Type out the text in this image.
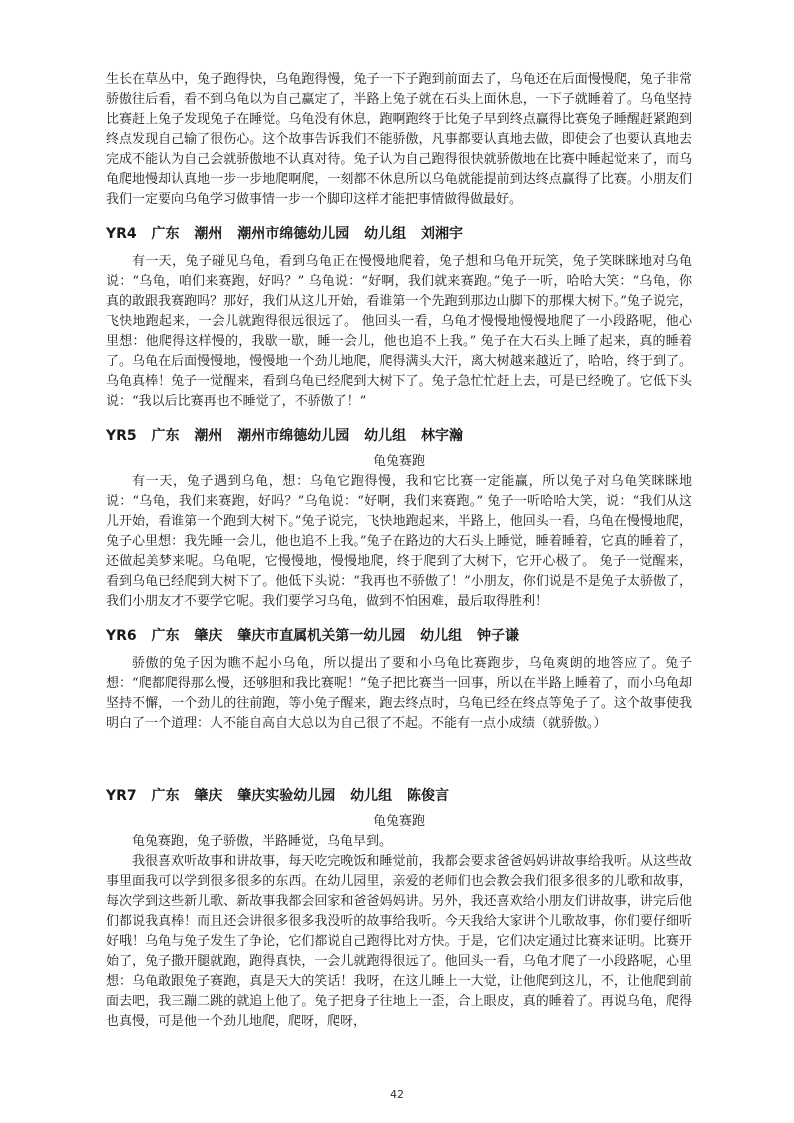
生长在草丛中，兔子跑得快，乌龟跑得慢，兔子一下子跑到前面去了，乌龟还在后面慢慢爬，兔子非常骄傲往后看，看不到乌龟以为自己赢定了，半路上兔子就在石头上面休息，一下子就睡着了。乌龟坚持比赛赶上兔子发现兔子在睡觉。乌龟没有休息，跑啊跑终于比兔子早到终点赢得比赛兔子睡醒赶紧跑到终点发现自己输了很伤心。这个故事告诉我们不能骄傲，凡事都要认真地去做，即使会了也要认真地去完成不能认为自己会就骄傲地不认真对待。兔子认为自己跑得很快就骄傲地在比赛中睡起觉来了，而乌龟爬地慢却认真地一步一步地爬啊爬，一刻都不休息所以乌龟就能提前到达终点赢得了比赛。小朋友们我们一定要向乌龟学习做事情一步一个脚印这样才能把事情做得做最好。

YR4 广东 潮州 潮州市绵德幼儿园 幼儿组 刘湘宇

有一天，兔子碰见乌龟，看到乌龟正在慢慢地爬着，兔子想和乌龟开玩笑，兔子笑眯眯地对乌龟说：“乌龟，咱们来赛跑，好吗？” 乌龟说：“好啊，我们就来赛跑。”兔子一听，哈哈大笑：“乌龟，你真的敢跟我赛跑吗？那好，我们从这儿开始，看谁第一个先跑到那边山脚下的那棵大树下。”兔子说完，飞快地跑起来，一会儿就跑得很远很远了。 他回头一看，乌龟才慢慢地慢慢地爬了一小段路呢，他心里想：他爬得这样慢的，我歇一歇，睡一会儿，他也追不上我。” 兔子在大石头上睡了起来，真的睡着了。乌龟在后面慢慢地，慢慢地一个劲儿地爬，爬得满头大汗，离大树越来越近了，哈哈，终于到了。乌龟真棒！兔子一觉醒来，看到乌龟已经爬到大树下了。兔子急忙忙赶上去，可是已经晚了。它低下头说：“我以后比赛再也不睡觉了，不骄傲了！”

YR5 广东 潮州 潮州市绵德幼儿园 幼儿组 林宇瀚

龟兔赛跑

有一天，兔子遇到乌龟，想：乌龟它跑得慢，我和它比赛一定能赢，所以兔子对乌龟笑眯眯地说：“乌龟，我们来赛跑，好吗？”乌龟说：“好啊，我们来赛跑。” 兔子一听哈哈大笑，说：“我们从这儿开始，看谁第一个跑到大树下。”兔子说完，飞快地跑起来，半路上，他回头一看，乌龟在慢慢地爬，兔子心里想：我先睡一会儿，他也追不上我。”兔子在路边的大石头上睡觉，睡着睡着，它真的睡着了，还做起美梦来呢。乌龟呢，它慢慢地，慢慢地爬，终于爬到了大树下，它开心极了。 兔子一觉醒来，看到乌龟已经爬到大树下了。他低下头说：“我再也不骄傲了！”小朋友，你们说是不是兔子太骄傲了，我们小朋友才不要学它呢。我们要学习乌龟，做到不怕困难，最后取得胜利！

YR6 广东 肇庆 肇庆市直属机关第一幼儿园 幼儿组 钟子谦

骄傲的兔子因为瞧不起小乌龟，所以提出了要和小乌龟比赛跑步，乌龟爽朗的地答应了。兔子想：“爬都爬得那么慢，还够胆和我比赛呢！”兔子把比赛当一回事，所以在半路上睡着了，而小乌龟却坚持不懈，一个劲儿的往前跑，等小兔子醒来，跑去终点时，乌龟已经在终点等兔子了。这个故事使我明白了一个道理：人不能自高自大总以为自己很了不起。不能有一点小成绩（就骄傲。）

YR7 广东 肇庆 肇庆实验幼儿园 幼儿组 陈俊言

龟兔赛跑

龟兔赛跑，兔子骄傲，半路睡觉，乌龟早到。

我很喜欢听故事和讲故事，每天吃完晚饭和睡觉前，我都会要求爸爸妈妈讲故事给我听。从这些故事里面我可以学到很多很多的东西。在幼儿园里，亲爱的老师们也会教会我们很多很多的儿歌和故事，每次学到这些新儿歌、新故事我都会回家和爸爸妈妈讲。另外，我还喜欢给小朋友们讲故事，讲完后他们都说我真棒！而且还会讲很多很多我没听的故事给我听。今天我给大家讲个儿歌故事，你们要仔细听好哦！乌龟与兔子发生了争论，它们都说自己跑得比对方快。于是，它们决定通过比赛来证明。比赛开始了，兔子撒开腿就跑，跑得真快，一会儿就跑得很远了。他回头一看，乌龟才爬了一小段路呢，心里想：乌龟敢跟兔子赛跑，真是天大的笑话！我呀，在这儿睡上一大觉，让他爬到这儿，不，让他爬到前面去吧，我三蹦二跳的就追上他了。兔子把身子往地上一歪，合上眼皮，真的睡着了。再说乌龟，爬得也真慢，可是他一个劲儿地爬，爬呀，爬呀，

42
